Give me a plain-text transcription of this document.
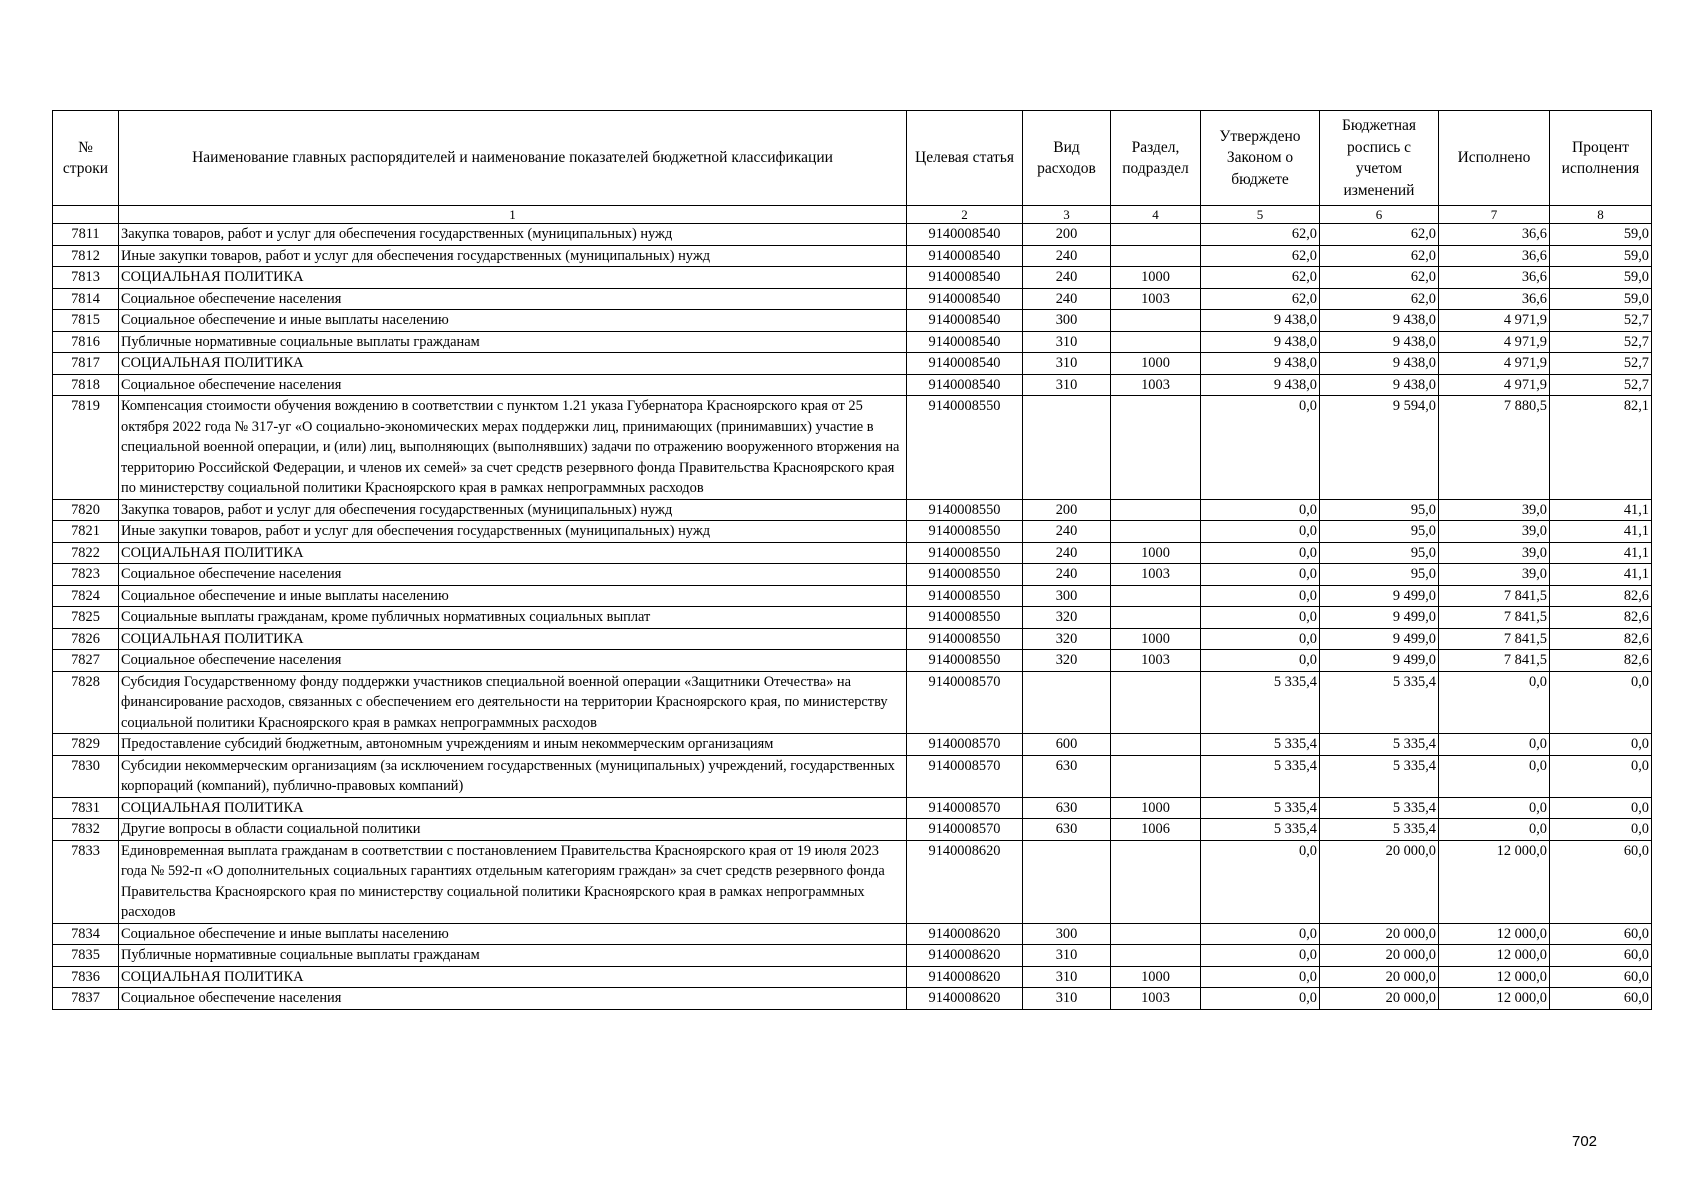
№ строки	Наименование главных распорядителей и наименование показателей бюджетной классификации	Целевая статья	Вид расходов	Раздел, подраздел	Утверждено Законом о бюджете	Бюджетная роспись с учетом изменений	Исполнено	Процент исполнения
	1	2	3	4	5	6	7	8
7811	Закупка товаров, работ и услуг для обеспечения государственных (муниципальных) нужд	9140008540	200		62,0	62,0	36,6	59,0
7812	Иные закупки товаров, работ и услуг для обеспечения государственных (муниципальных) нужд	9140008540	240		62,0	62,0	36,6	59,0
7813	СОЦИАЛЬНАЯ ПОЛИТИКА	9140008540	240	1000	62,0	62,0	36,6	59,0
7814	Социальное обеспечение населения	9140008540	240	1003	62,0	62,0	36,6	59,0
7815	Социальное обеспечение и иные выплаты населению	9140008540	300		9 438,0	9 438,0	4 971,9	52,7
7816	Публичные нормативные социальные выплаты гражданам	9140008540	310		9 438,0	9 438,0	4 971,9	52,7
7817	СОЦИАЛЬНАЯ ПОЛИТИКА	9140008540	310	1000	9 438,0	9 438,0	4 971,9	52,7
7818	Социальное обеспечение населения	9140008540	310	1003	9 438,0	9 438,0	4 971,9	52,7
7819	Компенсация стоимости обучения вождению в соответствии с пунктом 1.21 указа Губернатора Красноярского края от 25 октября 2022 года № 317-уг «О социально-экономических мерах поддержки лиц, принимающих (принимавших) участие в специальной военной операции, и (или) лиц, выполняющих (выполнявших) задачи по отражению вооруженного вторжения на территорию Российской Федерации, и членов их семей» за счет средств резервного фонда Правительства Красноярского края по министерству социальной политики Красноярского края в рамках непрограммных расходов	9140008550			0,0	9 594,0	7 880,5	82,1
7820	Закупка товаров, работ и услуг для обеспечения государственных (муниципальных) нужд	9140008550	200		0,0	95,0	39,0	41,1
7821	Иные закупки товаров, работ и услуг для обеспечения государственных (муниципальных) нужд	9140008550	240		0,0	95,0	39,0	41,1
7822	СОЦИАЛЬНАЯ ПОЛИТИКА	9140008550	240	1000	0,0	95,0	39,0	41,1
7823	Социальное обеспечение населения	9140008550	240	1003	0,0	95,0	39,0	41,1
7824	Социальное обеспечение и иные выплаты населению	9140008550	300		0,0	9 499,0	7 841,5	82,6
7825	Социальные выплаты гражданам, кроме публичных нормативных социальных выплат	9140008550	320		0,0	9 499,0	7 841,5	82,6
7826	СОЦИАЛЬНАЯ ПОЛИТИКА	9140008550	320	1000	0,0	9 499,0	7 841,5	82,6
7827	Социальное обеспечение населения	9140008550	320	1003	0,0	9 499,0	7 841,5	82,6
7828	Субсидия Государственному фонду поддержки участников специальной военной операции «Защитники Отечества» на финансирование расходов, связанных с обеспечением его деятельности на территории Красноярского края, по министерству социальной политики Красноярского края в рамках непрограммных расходов	9140008570			5 335,4	5 335,4	0,0	0,0
7829	Предоставление субсидий бюджетным, автономным учреждениям и иным некоммерческим организациям	9140008570	600		5 335,4	5 335,4	0,0	0,0
7830	Субсидии некоммерческим организациям (за исключением государственных (муниципальных) учреждений, государственных корпораций (компаний), публично-правовых компаний)	9140008570	630		5 335,4	5 335,4	0,0	0,0
7831	СОЦИАЛЬНАЯ ПОЛИТИКА	9140008570	630	1000	5 335,4	5 335,4	0,0	0,0
7832	Другие вопросы в области социальной политики	9140008570	630	1006	5 335,4	5 335,4	0,0	0,0
7833	Единовременная выплата гражданам в соответствии с постановлением Правительства Красноярского края от 19 июля 2023 года № 592-п «О дополнительных социальных гарантиях отдельным категориям граждан» за счет средств резервного фонда Правительства Красноярского края по министерству социальной политики Красноярского края в рамках непрограммных расходов	9140008620			0,0	20 000,0	12 000,0	60,0
7834	Социальное обеспечение и иные выплаты населению	9140008620	300		0,0	20 000,0	12 000,0	60,0
7835	Публичные нормативные социальные выплаты гражданам	9140008620	310		0,0	20 000,0	12 000,0	60,0
7836	СОЦИАЛЬНАЯ ПОЛИТИКА	9140008620	310	1000	0,0	20 000,0	12 000,0	60,0
7837	Социальное обеспечение населения	9140008620	310	1003	0,0	20 000,0	12 000,0	60,0
702
